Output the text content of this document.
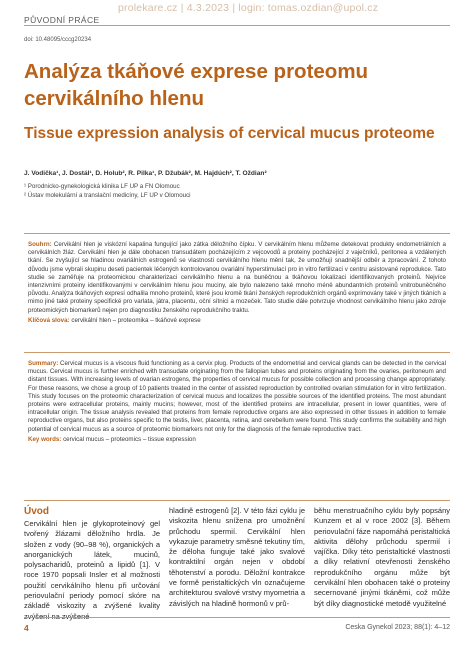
prolekare.cz | 4.3.2023 | login: tomas.ozdian@upol.cz
PŮVODNÍ PRÁCE
doi: 10.48095/cccg20234
Analýza tkáňové exprese proteomu cervikálního hlenu
Tissue expression analysis of cervical mucus proteome
J. Vodička¹, J. Dostál¹, D. Holub², R. Pilka¹, P. Džubák², M. Hajdúch², T. Oždian²
¹ Porodnicko-gynekologická klinika LF UP a FN Olomouc
² Ústav molekulární a translační medicíny, LF UP v Olomouci

Souhrn: Cervikální hlen je viskózní kapalina fungující jako zátka děložního čípku. V cervikálním hlenu můžeme detekovat produkty endometriálních a cervikálních žláz. Cervikální hlen je dále obohacen transudátem pocházejícím z vejcovodů a proteiny pocházející z vaječníků, peritonea a vzdálených tkání. Se zvyšující se hladinou ovariálních estrogenů se vlastnosti cervikálního hlenu mění tak, že umožňují snadnější odběr a zpracování. Z tohoto důvodu jsme vybrali skupinu deseti pacientek léčených kontrolovanou ovariální hyperstimulací pro in vitro fertilizaci v centru asistované reprodukce. Tato studie se zaměřuje na proteomickou charakterizaci cervikálního hlenu a na buněčnou a tkáňovou lokalizaci identifikovaných proteinů. Nejvíce intenzivními proteiny identifikovanými v cervikálním hlenu jsou muciny, ale bylo nalezeno také mnoho méně abundantních proteinů vnitrobuněčného původu. Analýza tkáňových expresí odhalila mnoho proteinů, které jsou kromě tkání ženských reprodukčních orgánů exprimovány také v jiných tkáních a mimo jiné také proteiny specifické pro varlata, játra, placentu, oční sítnici a mozeček. Tato studie dále potvrzuje vhodnost cervikálního hlenu jako zdroje proteomických biomarkerů nejen pro diagnostiku ženského reprodukčního traktu.

Klíčová slova: cervikální hlen – proteomika – tkáňové exprese

Summary: Cervical mucus is a viscous fluid functioning as a cervix plug. Products of the endometrial and cervical glands can be detected in the cervical mucus. Cervical mucus is further enriched with transudate originating from the fallopian tubes and proteins originating from the ovaries, peritoneum and distant tissues. With increasing levels of ovarian estrogens, the properties of cervical mucus for possible collection and processing change appropriately. For these reasons, we chose a group of 10 patients treated in the center of assisted reproduction by controlled ovarian stimulation for in vitro fertilization. This study focuses on the proteomic characterization of cervical mucus and localizes the possible sources of the identified proteins. The most abundant proteins were extracellular proteins, mainly mucins; however, most of the identified proteins are intracellular, present in lower quantities, were of intracellular origin. The tissue analysis revealed that proteins from female reproductive organs are also expressed in other tissues in addition to female reproductive organs, but also proteins specific to the testis, liver, placenta, retina, and cerebellum were found. This study confirms the suitability and high potential of cervical mucus as a source of proteomic biomarkers not only for the diagnosis of the female reproductive tract.

Key words: cervical mucus – proteomics – tissue expression

Úvod

Cervikální hlen je glykoproteinový gel tvořený žlázami děložního hrdla. Je složen z vody (90–98 %), organických a anorganických látek, mucinů, polysacharidů, proteinů a lipidů [1]. V roce 1970 popsali Insler et al možnosti použití cervikálního hlenu při určování periovulační periody pomocí skóre na základě viskozity a zvýšené kvality zvýšení na zvýšené

hladině estrogenů [2]. V této fázi cyklu je viskozita hlenu snížena pro umožnění průchodu spermií. Cervikální hlen vykazuje parametry směsné tekutiny tím, že děloha funguje také jako svalové kontraktilní orgán nejen v období těhotenství a porodu. Děložní kontrakce ve formě peristaltických vln označujeme architekturou svalové vrstvy myometria a závislých na hladině hormonů v prů-

běhu menstruačního cyklu byly popsány Kunzem et al v roce 2002 [3]. Během periovulační fáze napomáhá peristaltická aktivita dělohy průchodu spermií i vajíčka. Díky této peristaltické vlastnosti a díky relativní otevřenosti ženského reprodukčního orgánu může být cervikální hlen obohacen také o proteiny secernované jinými tkáněmi, což může být díky diagnostické metodě využitelné

4	Ceska Gynekol 2023; 88(1): 4–12
